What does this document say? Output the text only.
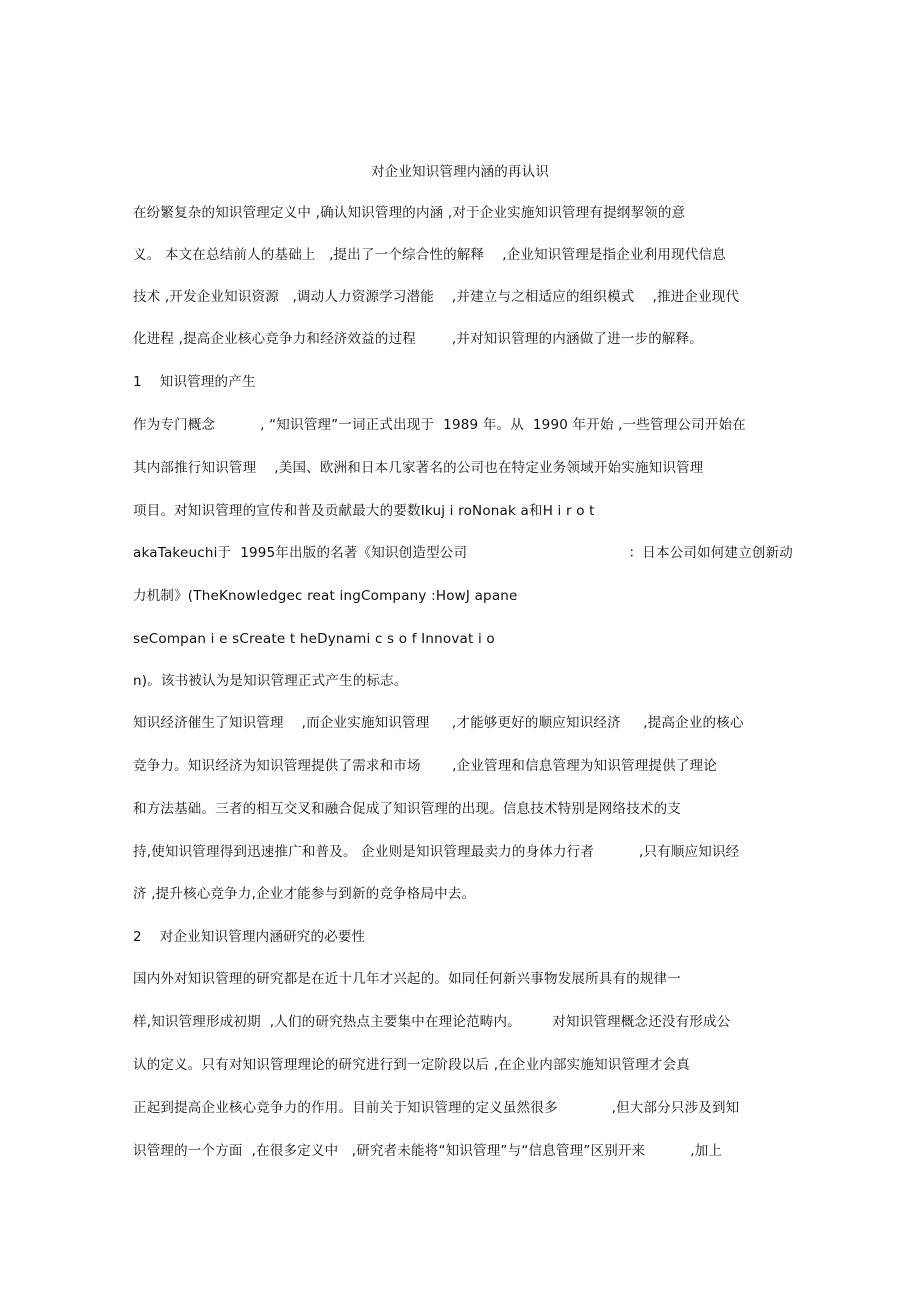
对企业知识管理内涵的再认识
在纷繁复杂的知识管理定义中 ,确认知识管理的内涵 ,对于企业实施知识管理有提纲挈领的意
义。 本文在总结前人的基础上   ,提出了一个综合性的解释    ,企业知识管理是指企业利用现代信息
技术 ,开发企业知识资源   ,调动人力资源学习潜能    ,并建立与之相适应的组织模式    ,推进企业现代
化进程 ,提高企业核心竞争力和经济效益的过程        ,并对知识管理的内涵做了进一步的解释。
1    知识管理的产生
作为专门概念          , “知识管理”一词正式出现于  1989 年。从  1990 年开始 ,一些管理公司开始在
其内部推行知识管理    ,美国、欧洲和日本几家著名的公司也在特定业务领域开始实施知识管理
项目。对知识管理的宣传和普及贡献最大的要数Ikuj i roNonak a和H i r o t
akaTakeuchi于  1995年出版的名著《知识创造型公司	：日本公司如何建立创新动
力机制》(TheKnowledgec reat ingCompany :HowJ apane
seCompan i e sCreate t heDynami c s o f Innovat i o
n)。该书被认为是知识管理正式产生的标志。
知识经济催生了知识管理    ,而企业实施知识管理     ,才能够更好的顺应知识经济     ,提高企业的核心
竞争力。知识经济为知识管理提供了需求和市场       ,企业管理和信息管理为知识管理提供了理论
和方法基础。三者的相互交叉和融合促成了知识管理的出现。信息技术特别是网络技术的支
持,使知识管理得到迅速推广和普及。 企业则是知识管理最卖力的身体力行者          ,只有顺应知识经
济 ,提升核心竞争力,企业才能参与到新的竞争格局中去。
2    对企业知识管理内涵研究的必要性
国内外对知识管理的研究都是在近十几年才兴起的。如同任何新兴事物发展所具有的规律一
样,知识管理形成初期  ,人们的研究热点主要集中在理论范畴内。       对知识管理概念还没有形成公
认的定义。只有对知识管理理论的研究进行到一定阶段以后 ,在企业内部实施知识管理才会真
正起到提高企业核心竞争力的作用。目前关于知识管理的定义虽然很多            ,但大部分只涉及到知
识管理的一个方面  ,在很多定义中   ,研究者未能将“知识管理”与“信息管理”区别开来          ,加上
